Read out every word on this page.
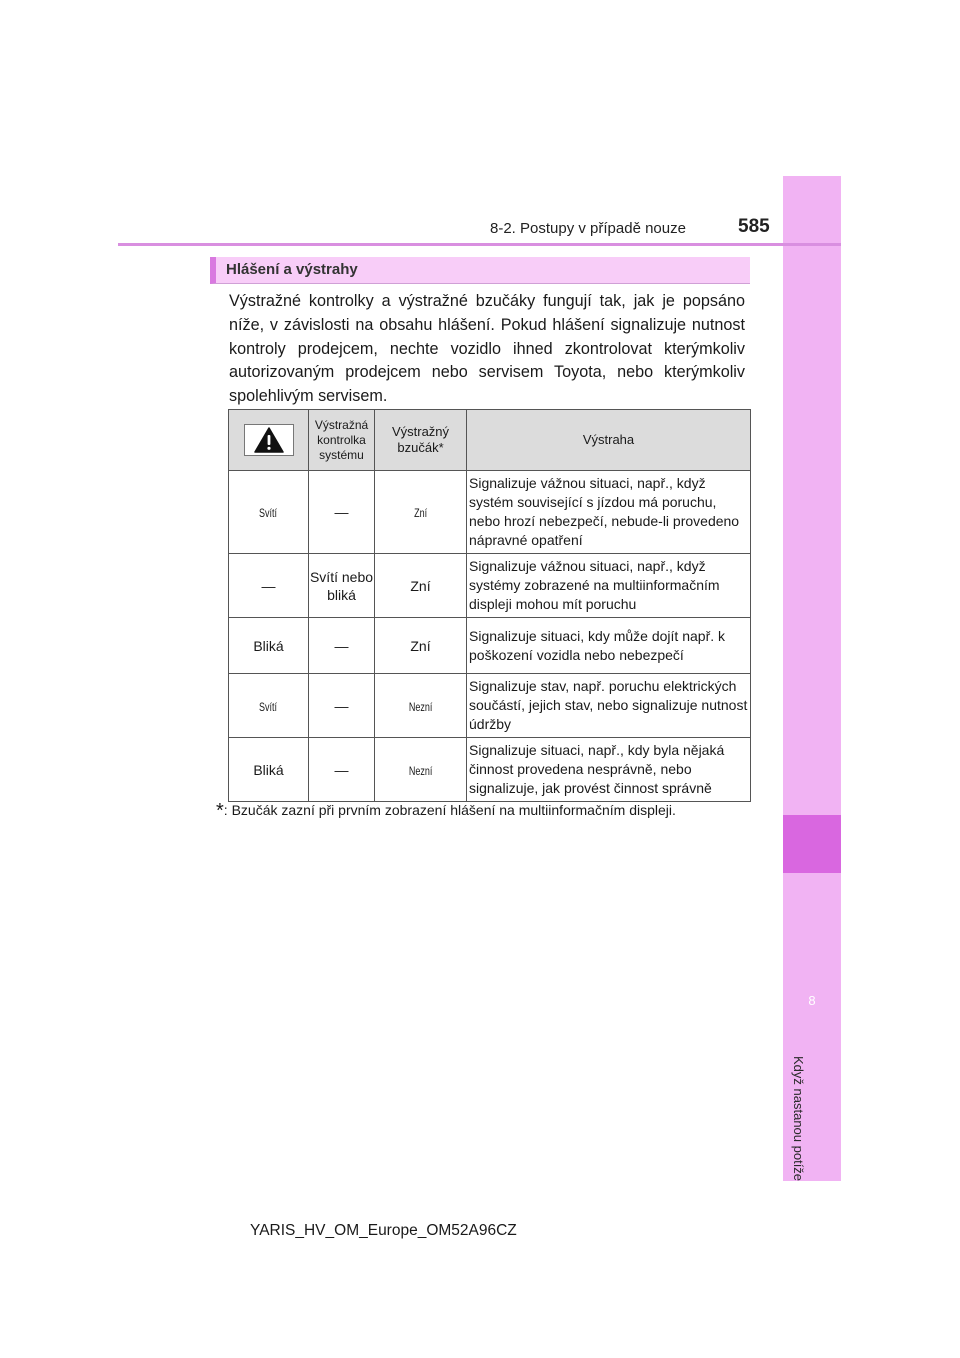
8
Když nastanou potíže
8-2. Postupy v případě nouze	585
Hlášení a výstrahy
Výstražné kontrolky a výstražné bzučáky fungují tak, jak je popsáno níže, v závislosti na obsahu hlášení. Pokud hlášení signalizuje nutnost kontroly prodejcem, nechte vozidlo ihned zkontrolovat kterýmkoliv autorizovaným prodejcem nebo servisem Toyota, nebo kterýmkoliv spolehlivým servisem.
	Výstražná kontrolka systému	Výstražný bzučák*	Výstraha
Svítí	—	Zní	Signalizuje vážnou situaci, např., když systém související s jízdou má poruchu, nebo hrozí nebezpečí, nebude-li provedeno nápravné opatření
—	Svítí nebo bliká	Zní	Signalizuje vážnou situaci, např., když systémy zobrazené na multiinformačním displeji mohou mít poruchu
Bliká	—	Zní	Signalizuje situaci, kdy může dojít např. k poškození vozidla nebo nebezpečí
Svítí	—	Nezní	Signalizuje stav, např. poruchu elektrických součástí, jejich stav, nebo signalizuje nutnost údržby
Bliká	—	Nezní	Signalizuje situaci, např., kdy byla nějaká činnost provedena nesprávně, nebo signalizuje, jak provést činnost správně
*: Bzučák zazní při prvním zobrazení hlášení na multiinformačním displeji.
YARIS_HV_OM_Europe_OM52A96CZ
